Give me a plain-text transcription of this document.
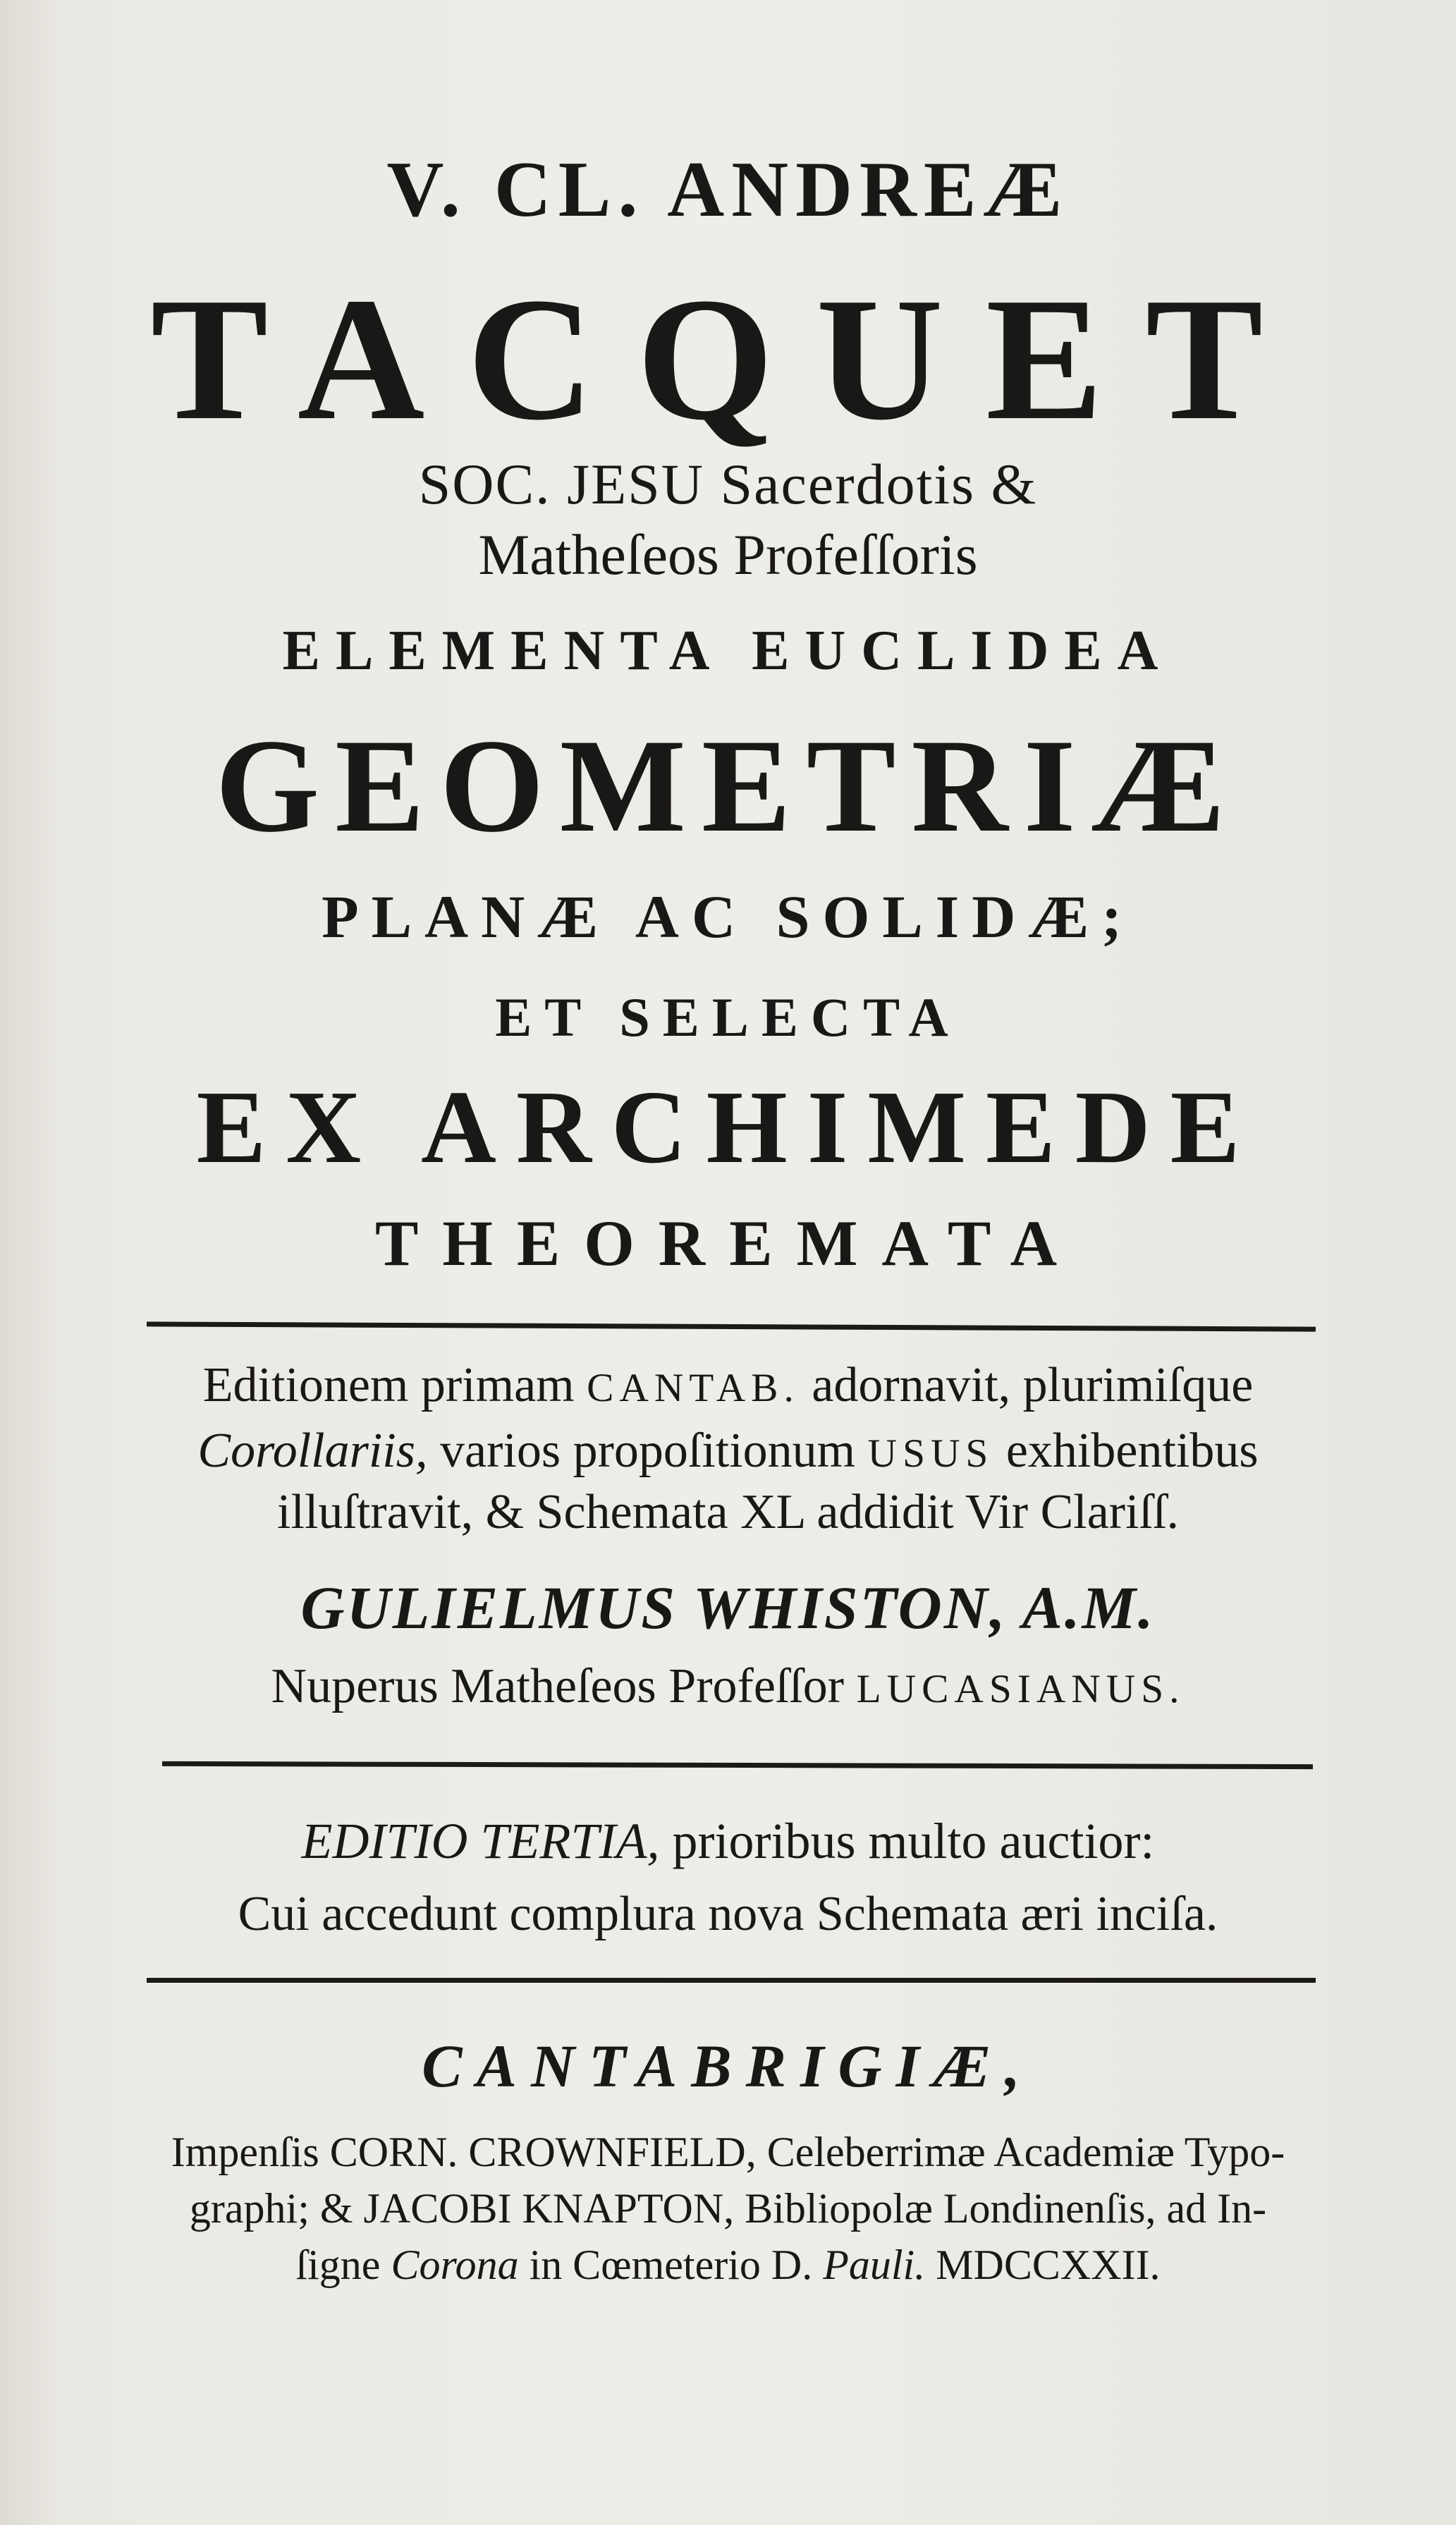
V. CL. ANDREÆ
TACQUET
SOC. JESU Sacerdotis &
Matheſeos Profeſſoris
ELEMENTA EUCLIDEA
GEOMETRIÆ
PLANÆ AC SOLIDÆ;
ET SELECTA
EX ARCHIMEDE
THEOREMATA
Editionem primam CANTAB. adornavit, plurimiſque
Corollariis, varios propoſitionum USUS exhibentibus
illuſtravit, & Schemata XL addidit Vir Clariſſ.
GULIELMUS WHISTON, A.M.
Nuperus Matheſeos Profeſſor LUCASIANUS.
EDITIO TERTIA, prioribus multo auctior:
Cui accedunt complura nova Schemata æri inciſa.
CANTABRIGIÆ,
Impenſis CORN. CROWNFIELD, Celeberrimæ Academiæ Typo-
graphi; & JACOBI KNAPTON, Bibliopolæ Londinenſis, ad In-
ſigne Corona in Cœmeterio D. Pauli. MDCCXXII.
